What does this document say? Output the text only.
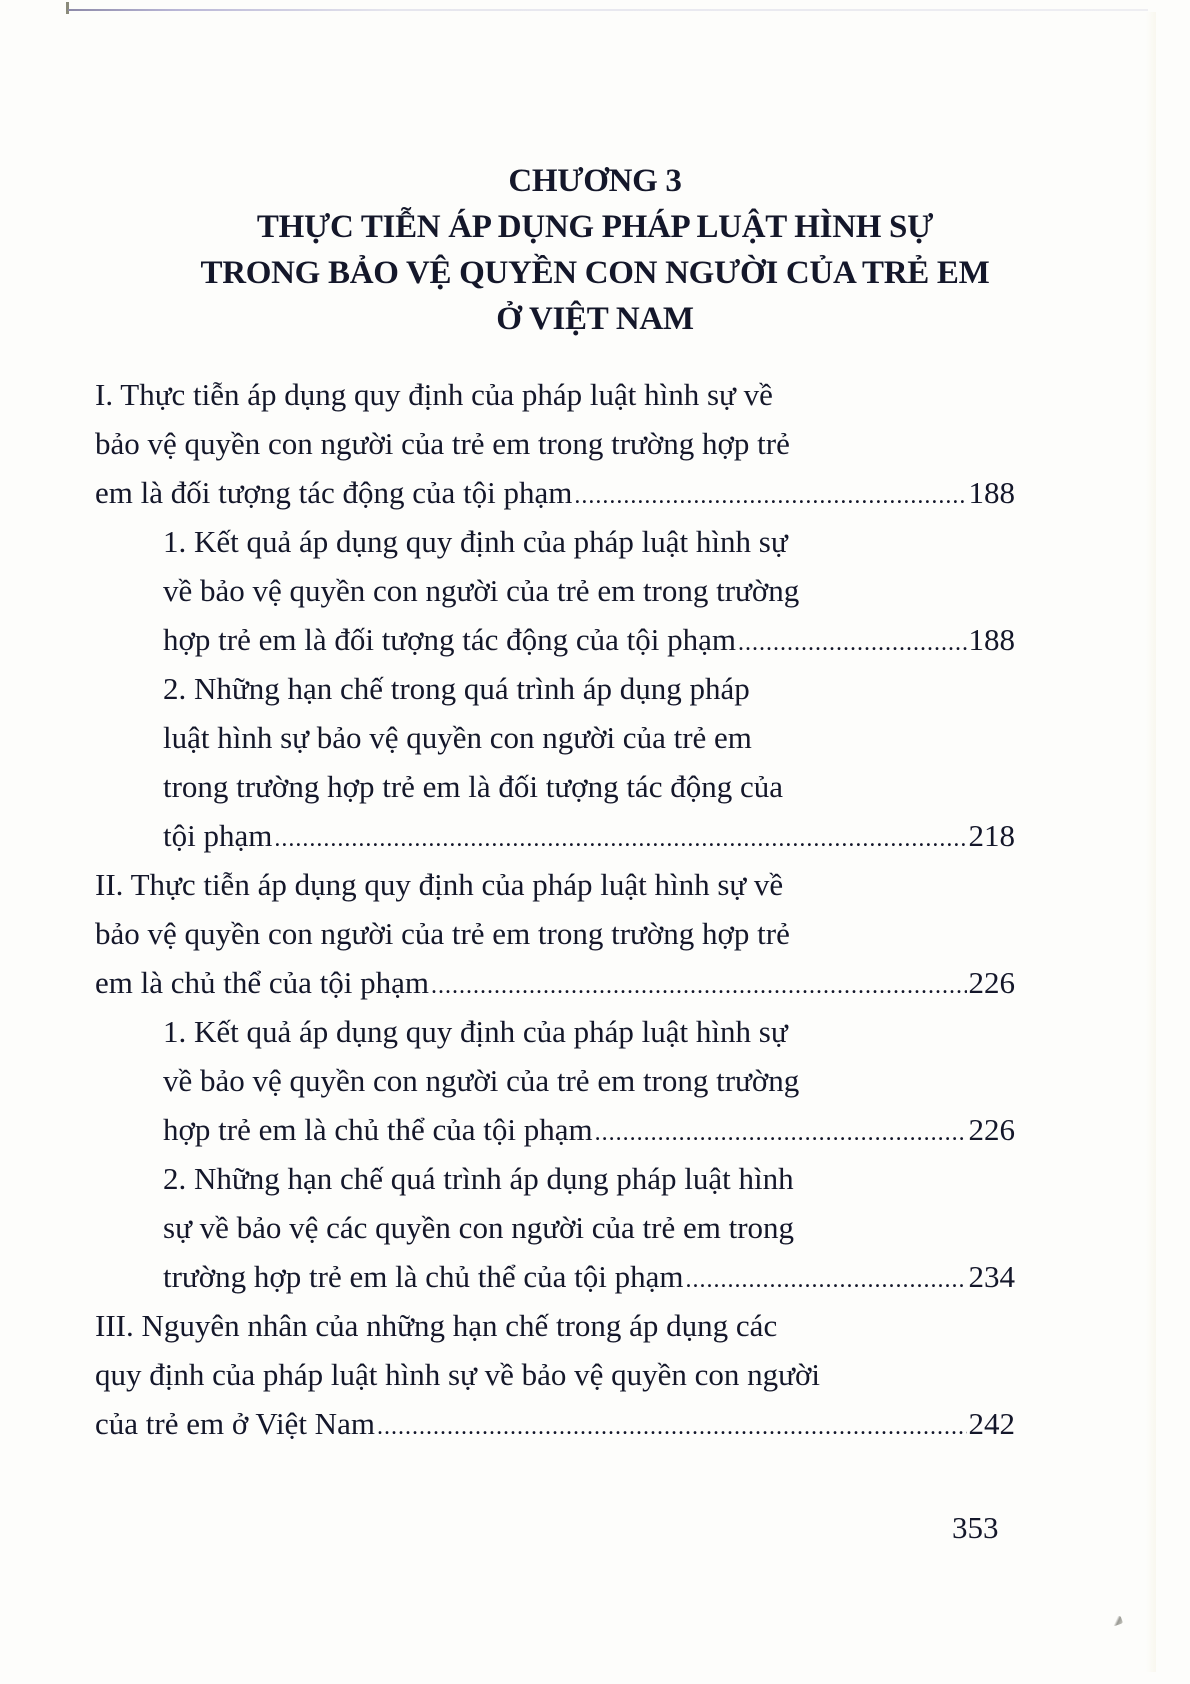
CHƯƠNG 3
THỰC TIỄN ÁP DỤNG PHÁP LUẬT HÌNH SỰ
TRONG BẢO VỆ QUYỀN CON NGƯỜI CỦA TRẺ EM
Ở VIỆT NAM
I. Thực tiễn áp dụng quy định của pháp luật hình sự về
bảo vệ quyền con người của trẻ em trong trường hợp trẻ
em là đối tượng tác động của tội phạm .....	188
1. Kết quả áp dụng quy định của pháp luật hình sự
về bảo vệ quyền con người của trẻ em trong trường
hợp trẻ em là đối tượng tác động của tội phạm .....	188
2. Những hạn chế trong quá trình áp dụng pháp
luật hình sự bảo vệ quyền con người của trẻ em
trong trường hợp trẻ em là đối tượng tác động của
tội phạm .....	218
II. Thực tiễn áp dụng quy định của pháp luật hình sự về
bảo vệ quyền con người của trẻ em trong trường hợp trẻ
em là chủ thể của tội phạm .....	226
1. Kết quả áp dụng quy định của pháp luật hình sự
về bảo vệ quyền con người của trẻ em trong trường
hợp trẻ em là chủ thể của tội phạm .....	226
2. Những hạn chế quá trình áp dụng pháp luật hình
sự về bảo vệ các quyền con người của trẻ em trong
trường hợp trẻ em là chủ thể của tội phạm .....	234
III. Nguyên nhân của những hạn chế trong áp dụng các
quy định của pháp luật hình sự về bảo vệ quyền con người
của trẻ em ở Việt Nam .....	242
353
